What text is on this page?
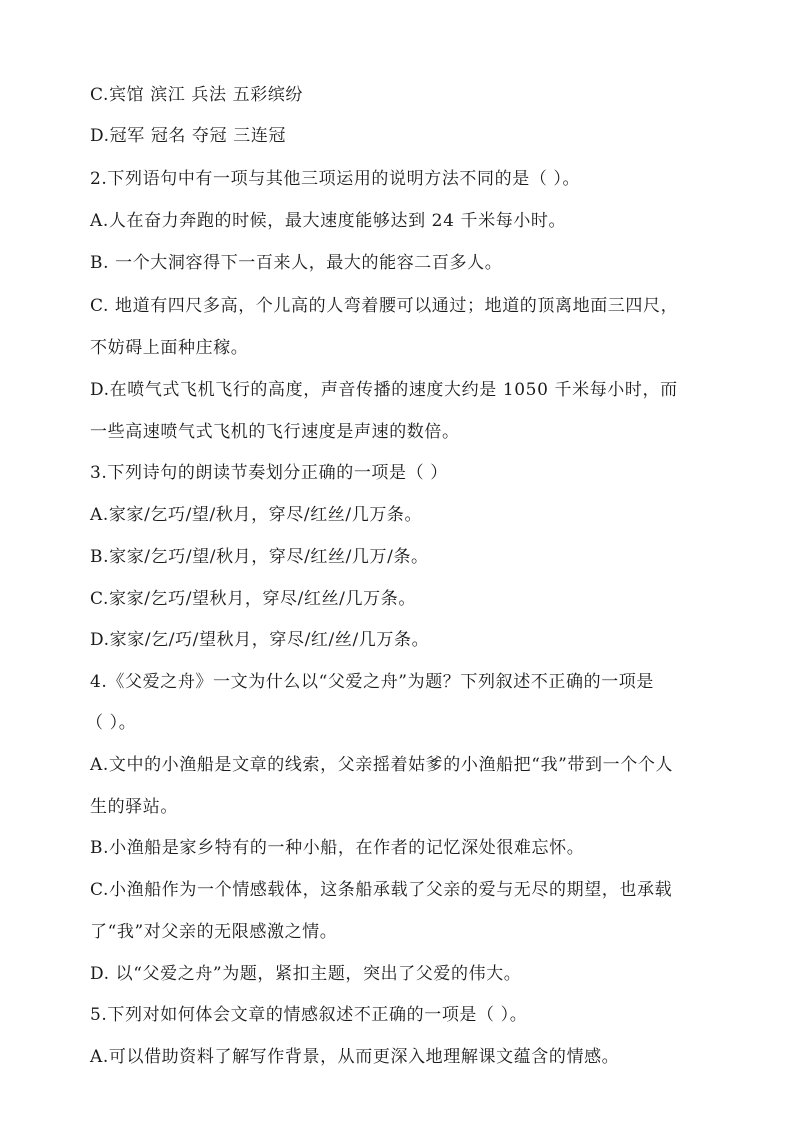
C.宾馆 滨江 兵法 五彩缤纷
D.冠军 冠名 夺冠 三连冠
2.下列语句中有一项与其他三项运用的说明方法不同的是（ ）。
A.人在奋力奔跑的时候，最大速度能够达到 24 千米每小时。
B. 一个大洞容得下一百来人，最大的能容二百多人。
C. 地道有四尺多高，个儿高的人弯着腰可以通过；地道的顶离地面三四尺，
不妨碍上面种庄稼。
D.在喷气式飞机飞行的高度，声音传播的速度大约是 1050 千米每小时，而
一些高速喷气式飞机的飞行速度是声速的数倍。
3.下列诗句的朗读节奏划分正确的一项是（ ）
A.家家/乞巧/望/秋月，穿尽/红丝/几万条。
B.家家/乞巧/望/秋月，穿尽/红丝/几万/条。
C.家家/乞巧/望秋月，穿尽/红丝/几万条。
D.家家/乞/巧/望秋月，穿尽/红/丝/几万条。
4.《父爱之舟》一文为什么以“父爱之舟”为题？下列叙述不正确的一项是
（ ）。
A.文中的小渔船是文章的线索，父亲摇着姑爹的小渔船把“我”带到一个个人
生的驿站。
B.小渔船是家乡特有的一种小船，在作者的记忆深处很难忘怀。
C.小渔船作为一个情感载体，这条船承载了父亲的爱与无尽的期望，也承载
了“我”对父亲的无限感激之情。
D. 以“父爱之舟”为题，紧扣主题，突出了父爱的伟大。
5.下列对如何体会文章的情感叙述不正确的一项是（ ）。
A.可以借助资料了解写作背景，从而更深入地理解课文蕴含的情感。
